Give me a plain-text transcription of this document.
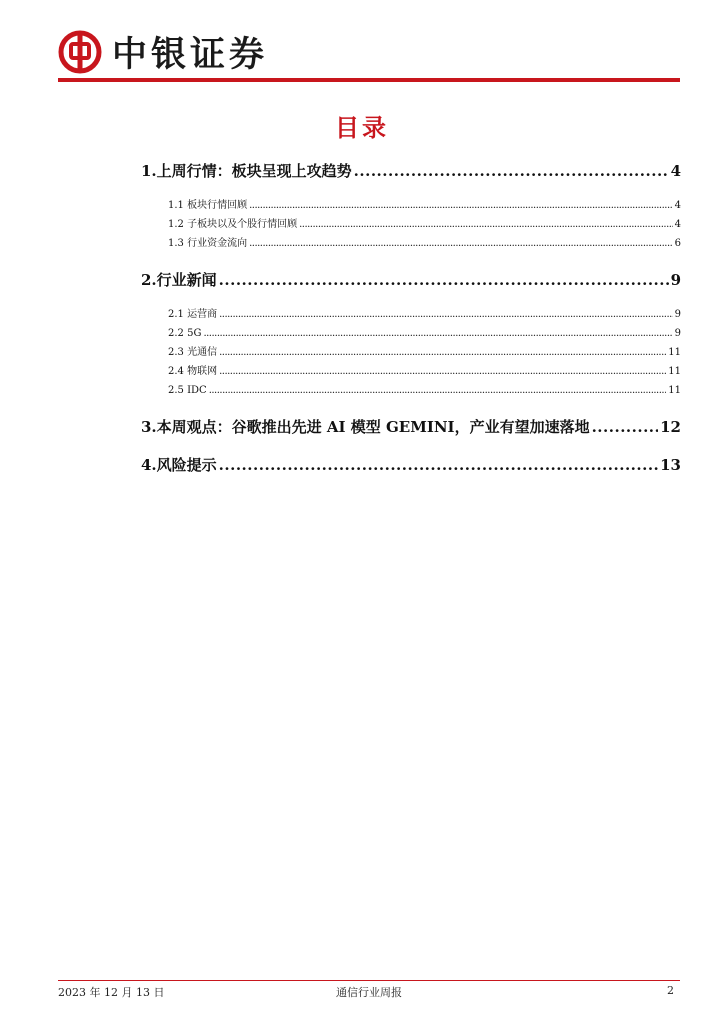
中银证券
目录
1.上周行情：板块呈现上攻趋势 .....	4
1.1 板块行情回顾 .....	4
1.2 子板块以及个股行情回顾 .....	4
1.3 行业资金流向 .....	6
2.行业新闻 .....	9
2.1 运营商 .....	9
2.2 5G .....	9
2.3 光通信 .....	11
2.4 物联网 .....	11
2.5 IDC .....	11
3.本周观点：谷歌推出先进 AI 模型 GEMINI，产业有望加速落地 .....	12
4.风险提示 .....	13
2023 年 12 月 13 日	通信行业周报	2
